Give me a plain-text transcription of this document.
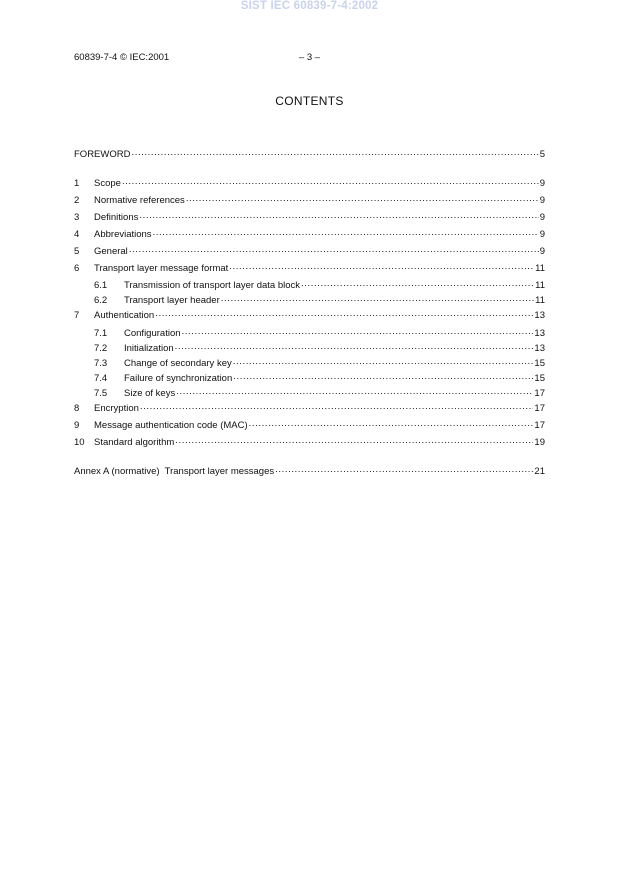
SIST IEC 60839-7-4:2002
60839-7-4 © IEC:2001	– 3 –
CONTENTS
FOREWORD .....	5
1	Scope .....	9
2	Normative references .....	9
3	Definitions .....	9
4	Abbreviations .....	9
5	General .....	9
6	Transport layer message format .....	11
6.1	Transmission of transport layer data block .....	11
6.2	Transport layer header .....	11
7	Authentication .....	13
7.1	Configuration .....	13
7.2	Initialization .....	13
7.3	Change of secondary key .....	15
7.4	Failure of synchronization .....	15
7.5	Size of keys .....	17
8	Encryption .....	17
9	Message authentication code (MAC) .....	17
10 Standard algorithm .....	19
Annex A (normative)  Transport layer messages .....	21
